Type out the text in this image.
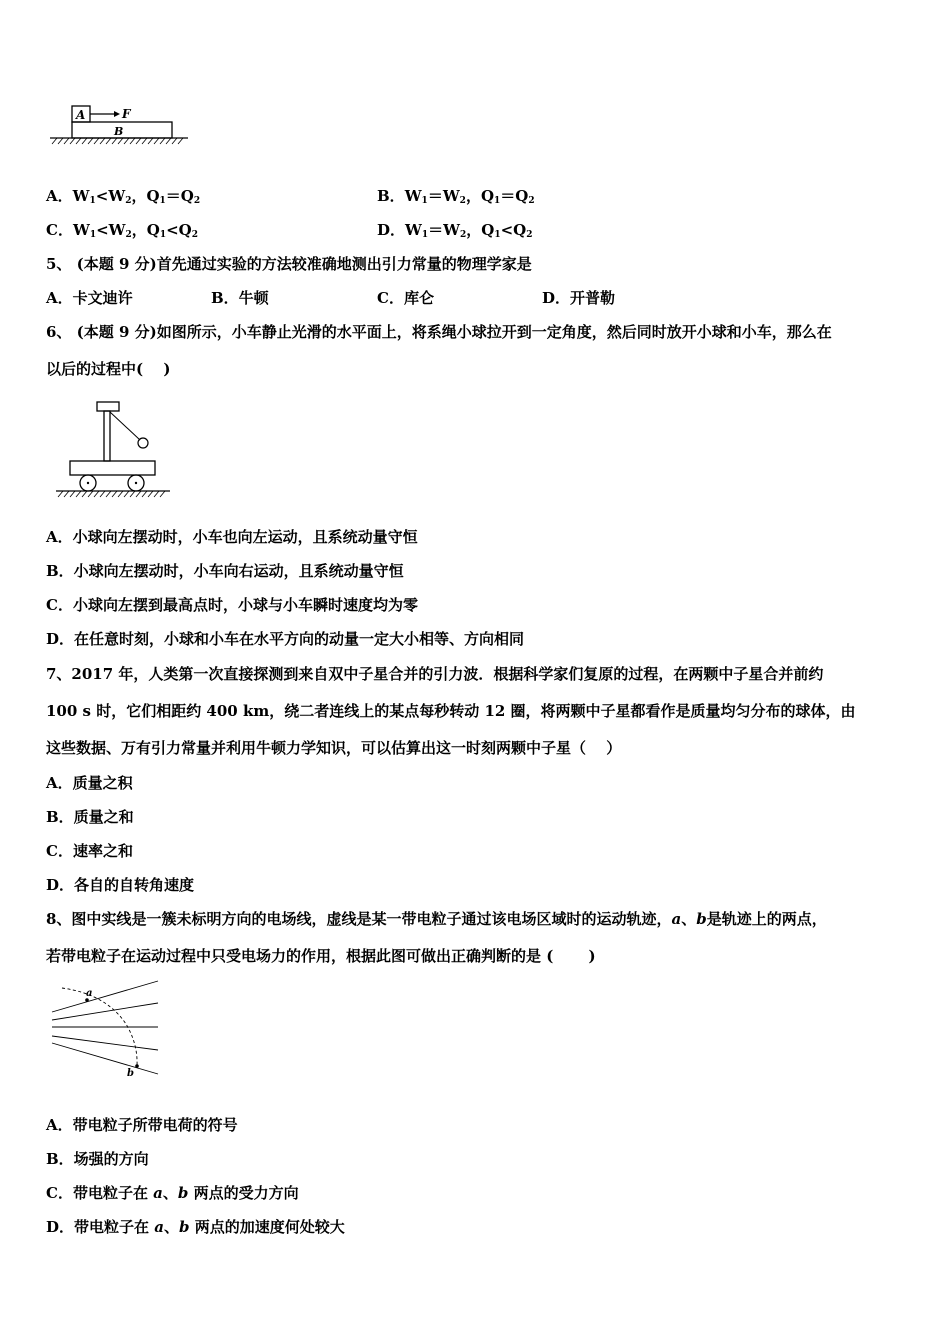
A	F
B
A．$W_1<W_2$，$Q_1=Q_2$	B．$W_1=W_2$，$Q_1=Q_2$
C．$W_1<W_2$，$Q_1<Q_2$	D．$W_1=W_2$，$Q_1<Q_2$
5、 (本题 9 分)首先通过实验的方法较准确地测出引力常量的物理学家是
A．卡文迪许	B．牛顿	C．库仑	D．开普勒
6、 (本题 9 分)如图所示，小车静止光滑的水平面上，将系绳小球拉开到一定角度，然后同时放开小球和小车，那么在
以后的过程中(　 )
A．小球向左摆动时，小车也向左运动，且系统动量守恒
B．小球向左摆动时，小车向右运动，且系统动量守恒
C．小球向左摆到最高点时，小球与小车瞬时速度均为零
D．在任意时刻，小球和小车在水平方向的动量一定大小相等、方向相同
7、2017 年，人类第一次直接探测到来自双中子星合并的引力波．根据科学家们复原的过程，在两颗中子星合并前约
100 s 时，它们相距约 400 km，绕二者连线上的某点每秒转动 12 圈，将两颗中子星都看作是质量均匀分布的球体，由
这些数据、万有引力常量并利用牛顿力学知识，可以估算出这一时刻两颗中子星（　 ）
A．质量之积
B．质量之和
C．速率之和
D．各自的自转角速度
8、图中实线是一簇未标明方向的电场线，虚线是某一带电粒子通过该电场区域时的运动轨迹，a、b是轨迹上的两点，
若带电粒子在运动过程中只受电场力的作用，根据此图可做出正确判断的是 (　　 )
a
b
A．带电粒子所带电荷的符号
B．场强的方向
C．带电粒子在 a、b 两点的受力方向
D．带电粒子在 a、b 两点的加速度何处较大
